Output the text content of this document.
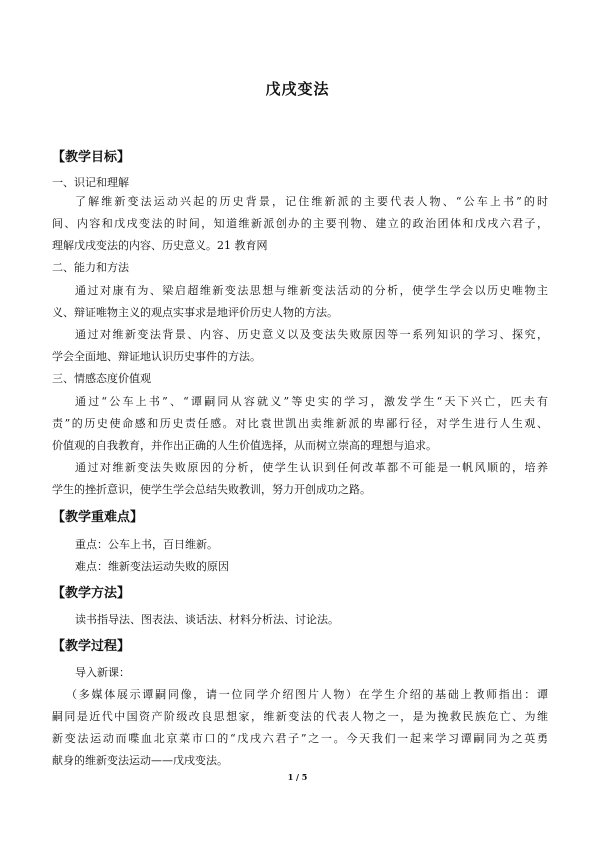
戊戌变法
【教学目标】
一、识记和理解
了解维新变法运动兴起的历史背景，记住维新派的主要代表人物、“公车上书”的时
间、内容和戊戌变法的时间，知道维新派创办的主要刊物、建立的政治团体和戊戌六君子，
理解戊戌变法的内容、历史意义。21 教育网
二、能力和方法
通过对康有为、梁启超维新变法思想与维新变法活动的分析，使学生学会以历史唯物主
义、辩证唯物主义的观点实事求是地评价历史人物的方法。
通过对维新变法背景、内容、历史意义以及变法失败原因等一系列知识的学习、探究，
学会全面地、辩证地认识历史事件的方法。
三、情感态度价值观
通过“公车上书”、“谭嗣同从容就义”等史实的学习，激发学生“天下兴亡，匹夫有
责”的历史使命感和历史责任感。对比袁世凯出卖维新派的卑鄙行径，对学生进行人生观、
价值观的自我教育，并作出正确的人生价值选择，从而树立崇高的理想与追求。
通过对维新变法失败原因的分析，使学生认识到任何改革都不可能是一帆风顺的，培养
学生的挫折意识，使学生学会总结失败教训，努力开创成功之路。
【教学重难点】
重点：公车上书，百日维新。
难点：维新变法运动失败的原因
【教学方法】
读书指导法、图表法、谈话法、材料分析法、讨论法。
【教学过程】
导入新课：
（多媒体展示谭嗣同像，请一位同学介绍图片人物）在学生介绍的基础上教师指出：谭
嗣同是近代中国资产阶级改良思想家，维新变法的代表人物之一，是为挽救民族危亡、为维
新变法运动而喋血北京菜市口的“戊戌六君子”之一。今天我们一起来学习谭嗣同为之英勇
献身的维新变法运动——戊戌变法。
1 / 5
